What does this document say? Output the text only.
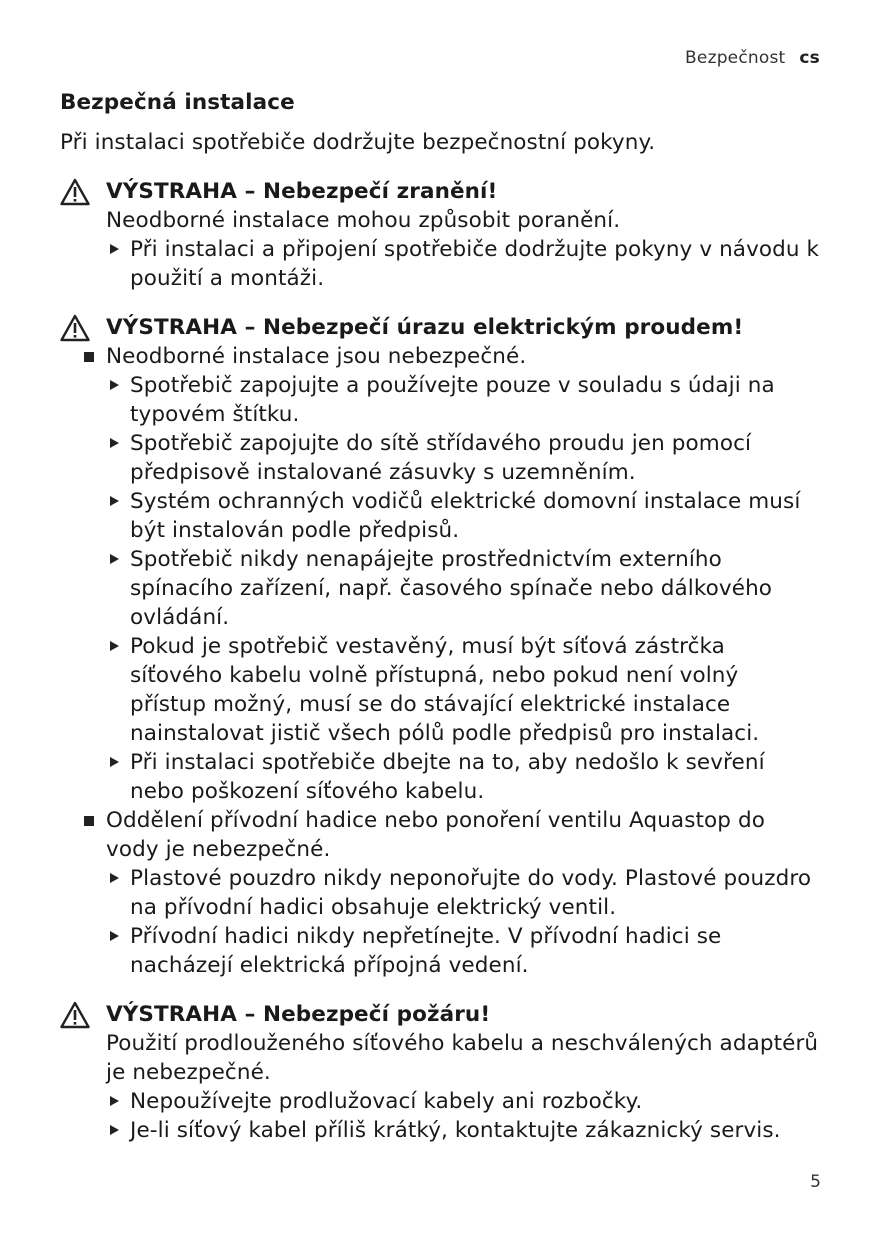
Bezpečnost cs
Bezpečná instalace

Při instalaci spotřebiče dodržujte bezpečnostní pokyny.

VÝSTRAHA – Nebezpečí zranění!
Neodborné instalace mohou způsobit poranění.
Při instalaci a připojení spotřebiče dodržujte pokyny v návodu k použití a montáži.
VÝSTRAHA – Nebezpečí úrazu elektrickým proudem!
Neodborné instalace jsou nebezpečné.
Spotřebič zapojujte a používejte pouze v souladu s údaji na typovém štítku.
Spotřebič zapojujte do sítě střídavého proudu jen pomocí předpisově instalované zásuvky s uzemněním.
Systém ochranných vodičů elektrické domovní instalace musí být instalován podle předpisů.
Spotřebič nikdy nenapájejte prostřednictvím externího spínacího zařízení, např. časového spínače nebo dálkového ovládání.
Pokud je spotřebič vestavěný, musí být síťová zástrčka síťového kabelu volně přístupná, nebo pokud není volný přístup možný, musí se do stávající elektrické instalace nainstalovat jistič všech pólů podle předpisů pro instalaci.
Při instalaci spotřebiče dbejte na to, aby nedošlo k sevření nebo poškození síťového kabelu.
Oddělení přívodní hadice nebo ponoření ventilu Aquastop do vody je nebezpečné.
Plastové pouzdro nikdy neponořujte do vody. Plastové pouzdro na přívodní hadici obsahuje elektrický ventil.
Přívodní hadici nikdy nepřetínejte. V přívodní hadici se nacházejí elektrická přípojná vedení.
VÝSTRAHA – Nebezpečí požáru!
Použití prodlouženého síťového kabelu a neschválených adaptérů je nebezpečné.
Nepoužívejte prodlužovací kabely ani rozbočky.
Je-li síťový kabel příliš krátký, kontaktujte zákaznický servis.
5
